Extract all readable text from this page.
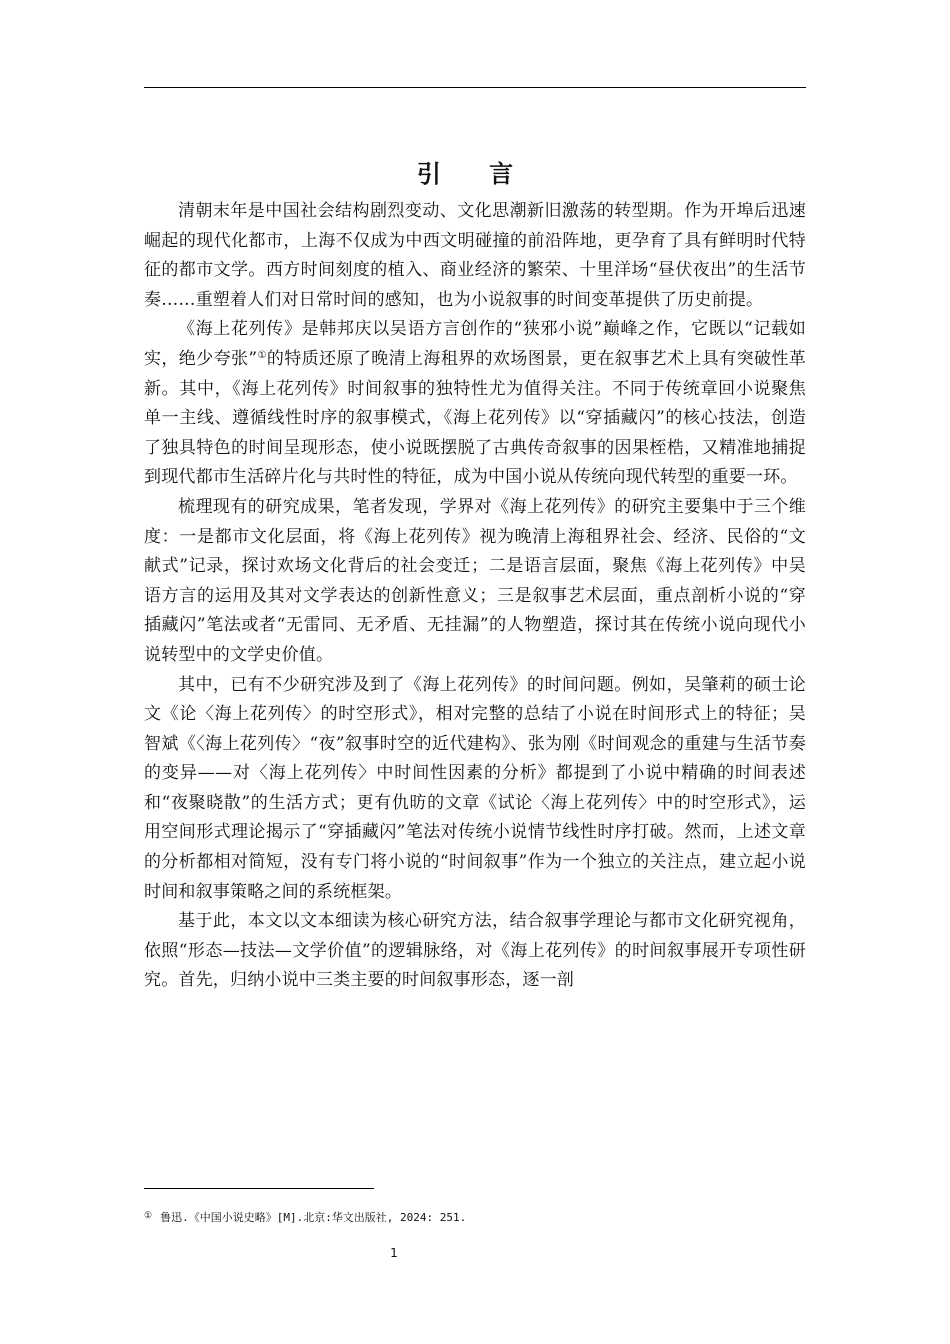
引 言

清朝末年是中国社会结构剧烈变动、文化思潮新旧激荡的转型期。作为开埠后迅速崛起的现代化都市，上海不仅成为中西文明碰撞的前沿阵地，更孕育了具有鲜明时代特征的都市文学。西方时间刻度的植入、商业经济的繁荣、十里洋场“昼伏夜出”的生活节奏……重塑着人们对日常时间的感知，也为小说叙事的时间变革提供了历史前提。

《海上花列传》是韩邦庆以吴语方言创作的“狭邪小说”巅峰之作，它既以“记载如实，绝少夸张”①的特质还原了晚清上海租界的欢场图景，更在叙事艺术上具有突破性革新。其中，《海上花列传》时间叙事的独特性尤为值得关注。不同于传统章回小说聚焦单一主线、遵循线性时序的叙事模式，《海上花列传》以“穿插藏闪”的核心技法，创造了独具特色的时间呈现形态，使小说既摆脱了古典传奇叙事的因果桎梏，又精准地捕捉到现代都市生活碎片化与共时性的特征，成为中国小说从传统向现代转型的重要一环。

梳理现有的研究成果，笔者发现，学界对《海上花列传》的研究主要集中于三个维度：一是都市文化层面，将《海上花列传》视为晚清上海租界社会、经济、民俗的“文献式”记录，探讨欢场文化背后的社会变迁；二是语言层面，聚焦《海上花列传》中吴语方言的运用及其对文学表达的创新性意义；三是叙事艺术层面，重点剖析小说的“穿插藏闪”笔法或者“无雷同、无矛盾、无挂漏”的人物塑造，探讨其在传统小说向现代小说转型中的文学史价值。

其中，已有不少研究涉及到了《海上花列传》的时间问题。例如，吴肇莉的硕士论文《论〈海上花列传〉的时空形式》，相对完整的总结了小说在时间形式上的特征；吴智斌《〈海上花列传〉“夜”叙事时空的近代建构》、张为刚《时间观念的重建与生活节奏的变异——对〈海上花列传〉中时间性因素的分析》都提到了小说中精确的时间表述和“夜聚晓散”的生活方式；更有仇昉的文章《试论〈海上花列传〉中的时空形式》，运用空间形式理论揭示了“穿插藏闪”笔法对传统小说情节线性时序打破。然而，上述文章的分析都相对简短，没有专门将小说的“时间叙事”作为一个独立的关注点，建立起小说时间和叙事策略之间的系统框架。

基于此，本文以文本细读为核心研究方法，结合叙事学理论与都市文化研究视角，依照“形态—技法—文学价值”的逻辑脉络，对《海上花列传》的时间叙事展开专项性研究。首先，归纳小说中三类主要的时间叙事形态，逐一剖

① 鲁迅.《中国小说史略》[M].北京:华文出版社, 2024: 251.
1
